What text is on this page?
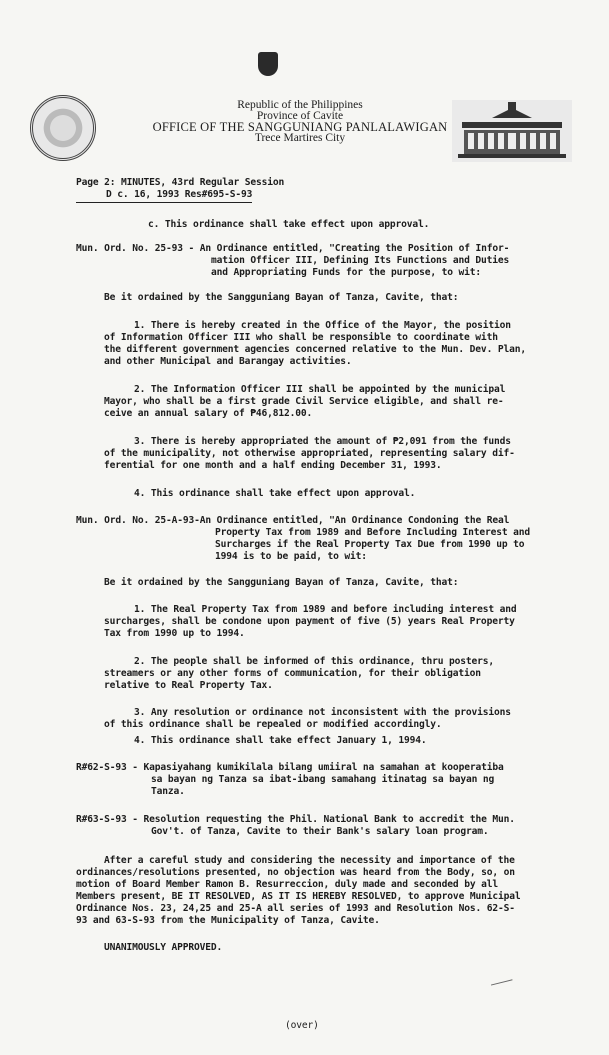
Republic of the Philippines
Province of Cavite
OFFICE OF THE SANGGUNIANG PANLALAWIGAN
Trece Martires City
Page 2: MINUTES, 43rd Regular Session
D c. 16, 1993 Res#695-S-93
c. This ordinance shall take effect upon approval.
Mun. Ord. No. 25-93 - An Ordinance entitled, "Creating the Position of Infor-
mation Officer III, Defining Its Functions and Duties
and Appropriating Funds for the purpose, to wit:
Be it ordained by the Sangguniang Bayan of Tanza, Cavite, that:
1. There is hereby created in the Office of the Mayor, the position
of Information Officer III who shall be responsible to coordinate with
the different government agencies concerned relative to the Mun. Dev. Plan,
and other Municipal and Barangay activities.
2. The Information Officer III shall be appointed by the municipal
Mayor, who shall be a first grade Civil Service eligible, and shall re-
ceive an annual salary of ₱46,812.00.
3. There is hereby appropriated the amount of ₱2,091 from the funds
of the municipality, not otherwise appropriated, representing salary dif-
ferential for one month and a half ending December 31, 1993.
4. This ordinance shall take effect upon approval.
Mun. Ord. No. 25-A-93-An Ordinance entitled, "An Ordinance Condoning the Real
Property Tax from 1989 and Before Including Interest and
Surcharges if the Real Property Tax Due from 1990 up to
1994 is to be paid, to wit:
Be it ordained by the Sangguniang Bayan of Tanza, Cavite, that:
1. The Real Property Tax from 1989 and before including interest and
surcharges, shall be condone upon payment of five (5) years Real Property
Tax from 1990 up to 1994.
2. The people shall be informed of this ordinance, thru posters,
streamers or any other forms of communication, for their obligation
relative to Real Property Tax.
3. Any resolution or ordinance not inconsistent with the provisions
of this ordinance shall be repealed or modified accordingly.
4. This ordinance shall take effect January 1, 1994.
R#62-S-93 - Kapasiyahang kumikilala bilang umiiral na samahan at kooperatiba
sa bayan ng Tanza sa ibat-ibang samahang itinatag sa bayan ng
Tanza.
R#63-S-93 - Resolution requesting the Phil. National Bank to accredit the Mun.
Gov't. of Tanza, Cavite to their Bank's salary loan program.
After a careful study and considering the necessity and importance of the
ordinances/resolutions presented, no objection was heard from the Body, so, on
motion of Board Member Ramon B. Resurreccion, duly made and seconded by all
Members present, BE IT RESOLVED, AS IT IS HEREBY RESOLVED, to approve Municipal
Ordinance Nos. 23, 24,25 and 25-A all series of 1993 and Resolution Nos. 62-S-
93 and 63-S-93 from the Municipality of Tanza, Cavite.
UNANIMOUSLY APPROVED.
(over)
